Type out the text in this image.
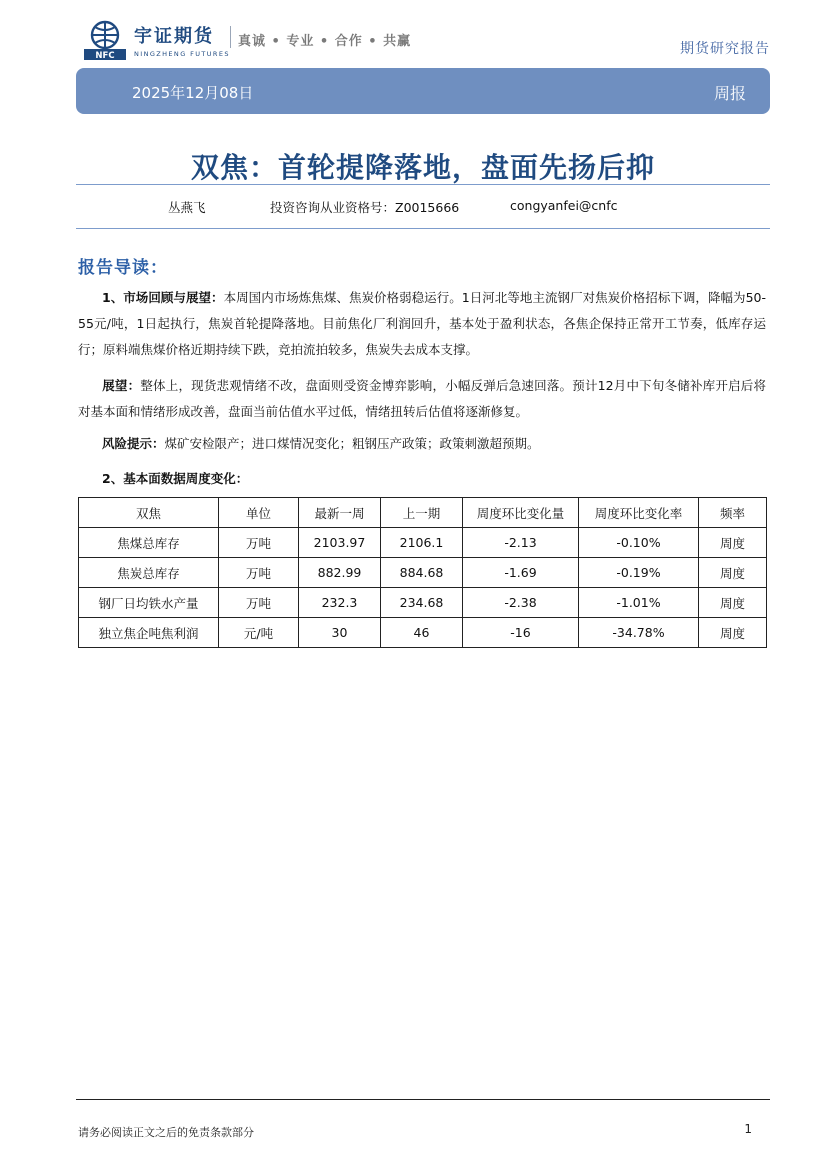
NFC
宇证期货
NINGZHENG FUTURES
真诚 • 专业 • 合作 • 共赢	期货研究报告
2025年12月08日	周报
双焦：首轮提降落地，盘面先扬后抑
丛燕飞	投资咨询从业资格号：Z0015666	congyanfei@cnfc
报告导读：
1、市场回顾与展望：本周国内市场炼焦煤、焦炭价格弱稳运行。1日河北等地主流钢厂对焦炭价格招标下调，降幅为50-55元/吨，1日起执行，焦炭首轮提降落地。目前焦化厂利润回升，基本处于盈利状态，各焦企保持正常开工节奏，低库存运行；原料端焦煤价格近期持续下跌，竞拍流拍较多，焦炭失去成本支撑。
展望：整体上，现货悲观情绪不改，盘面则受资金博弈影响，小幅反弹后急速回落。预计12月中下旬冬储补库开启后将对基本面和情绪形成改善，盘面当前估值水平过低，情绪扭转后估值将逐渐修复。
风险提示：煤矿安检限产；进口煤情况变化；粗钢压产政策；政策刺激超预期。
2、基本面数据周度变化：
双焦	单位	最新一周	上一期	周度环比变化量	周度环比变化率	频率
焦煤总库存	万吨	2103.97	2106.1	-2.13	-0.10%	周度
焦炭总库存	万吨	882.99	884.68	-1.69	-0.19%	周度
钢厂日均铁水产量	万吨	232.3	234.68	-2.38	-1.01%	周度
独立焦企吨焦利润	元/吨	30	46	-16	-34.78%	周度
请务必阅读正文之后的免责条款部分	1
